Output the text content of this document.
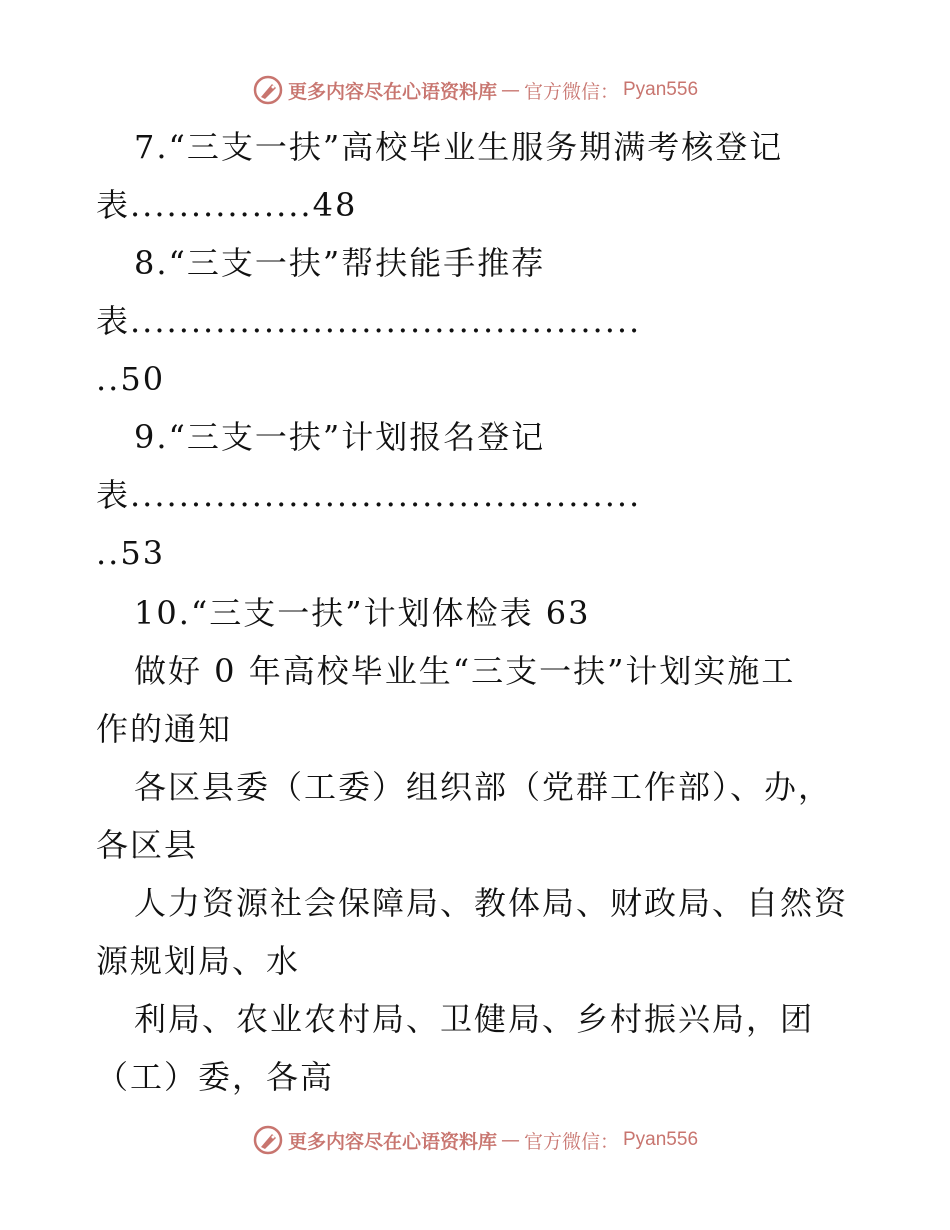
更多内容尽在心语资料库 — 官方微信： Pyan556
7.“三支一扶”高校毕业生服务期满考核登记
表...............48
8.“三支一扶”帮扶能手推荐
表..........................................
..50
9.“三支一扶”计划报名登记
表..........................................
..53
10.“三支一扶”计划体检表 63
做好 0 年高校毕业生“三支一扶”计划实施工
作的通知
各区县委（工委）组织部（党群工作部）、办，
各区县
人力资源社会保障局、教体局、财政局、自然资
源规划局、水
利局、农业农村局、卫健局、乡村振兴局，团
（工）委，各高
更多内容尽在心语资料库 — 官方微信： Pyan556
